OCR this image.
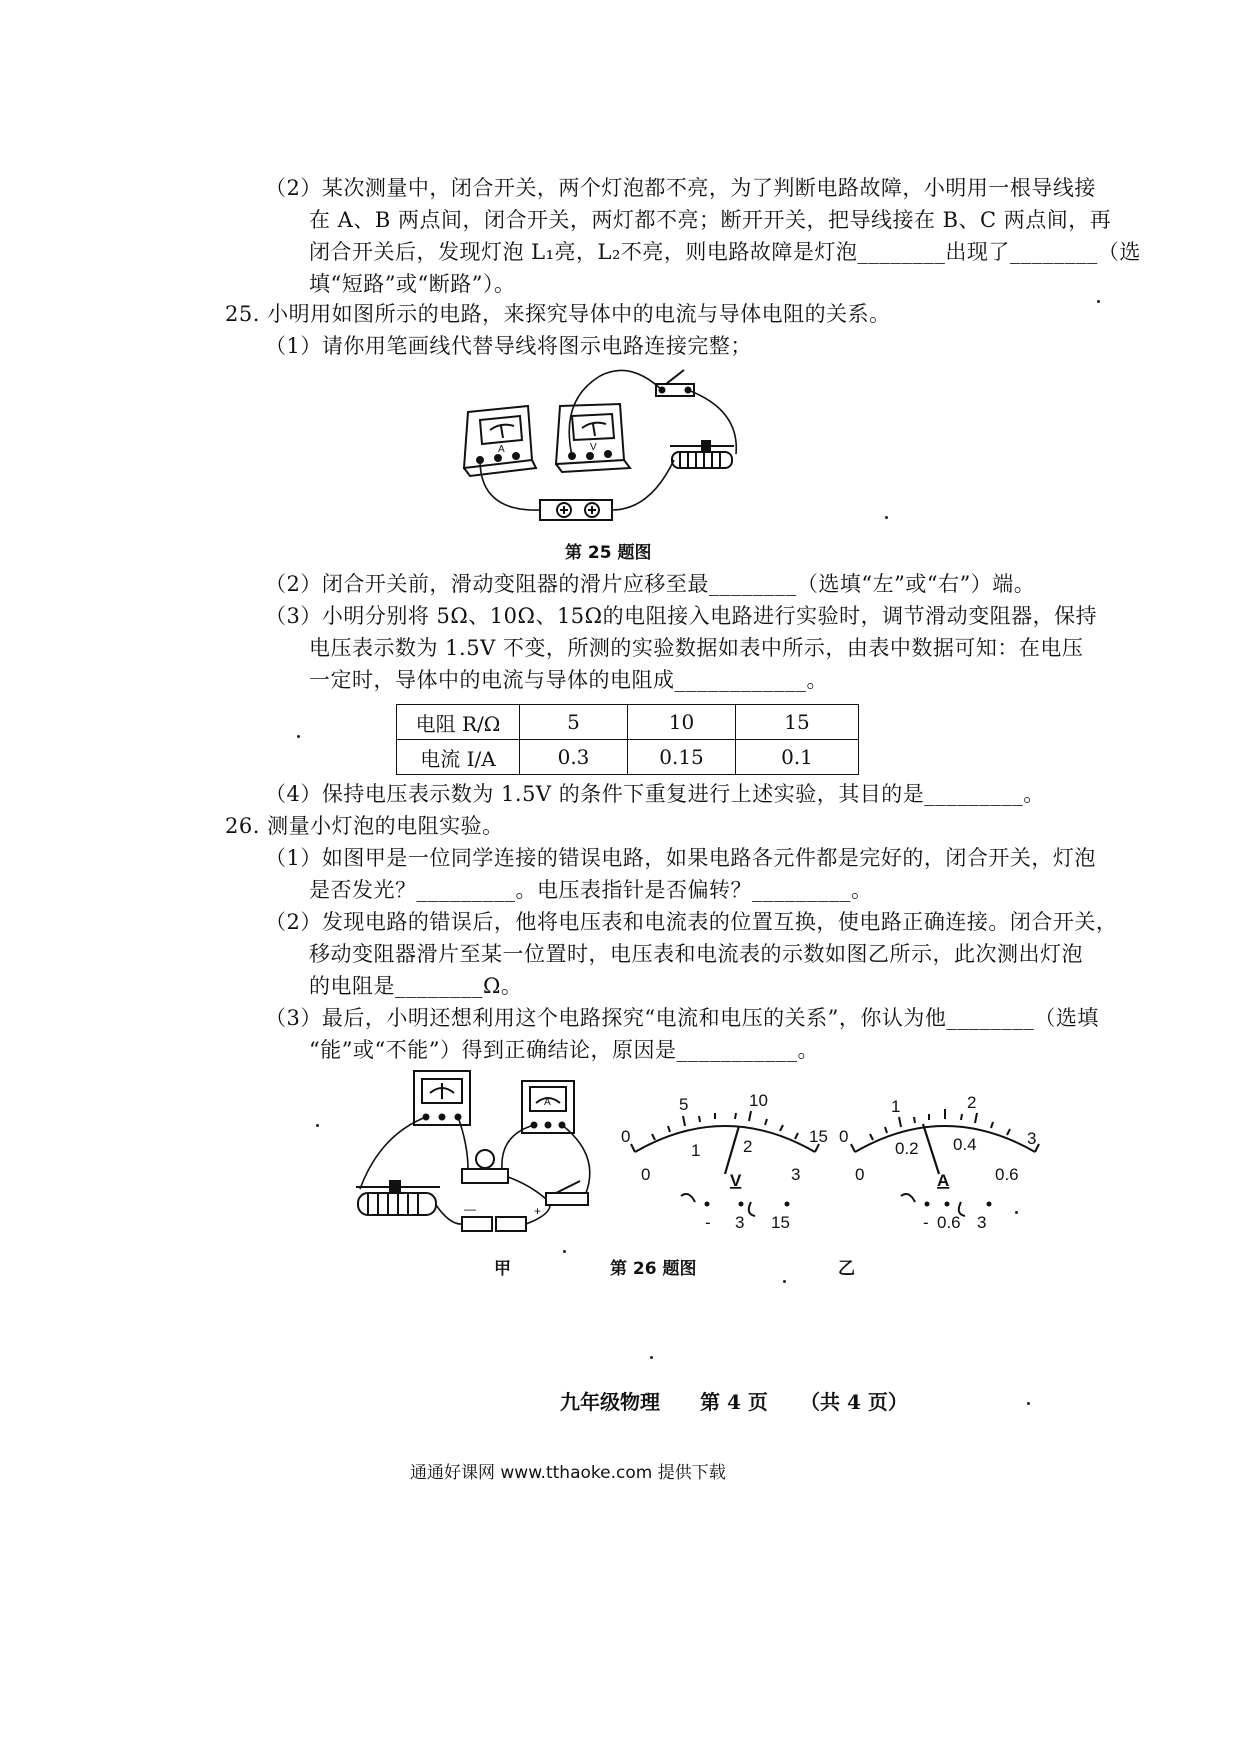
（2）某次测量中，闭合开关，两个灯泡都不亮，为了判断电路故障，小明用一根导线接
在 A、B 两点间，闭合开关，两灯都不亮；断开开关，把导线接在 B、C 两点间，再
闭合开关后，发现灯泡 L₁亮，L₂不亮，则电路故障是灯泡________出现了________（选
填“短路”或“断路”）。
25. 小明用如图所示的电路，来探究导体中的电流与导体电阻的关系。
（1）请你用笔画线代替导线将图示电路连接完整；
A	V
第 25 题图
（2）闭合开关前，滑动变阻器的滑片应移至最________（选填“左”或“右”）端。
（3）小明分别将 5Ω、10Ω、15Ω的电阻接入电路进行实验时，调节滑动变阻器，保持
电压表示数为 1.5V 不变，所测的实验数据如表中所示，由表中数据可知：在电压
一定时，导体中的电流与导体的电阻成____________。
电阻 R/Ω	5	10	15
电流 I/A	0.3	0.15	0.1
（4）保持电压表示数为 1.5V 的条件下重复进行上述实验，其目的是_________。
26. 测量小灯泡的电阻实验。
（1）如图甲是一位同学连接的错误电路，如果电路各元件都是完好的，闭合开关，灯泡
是否发光？_________。电压表指针是否偏转？_________。
（2）发现电路的错误后，他将电压表和电流表的位置互换，使电路正确连接。闭合开关，
移动变阻器滑片至某一位置时，电压表和电流表的示数如图乙所示，此次测出灯泡
的电阻是________Ω。
（3）最后，小明还想利用这个电路探究“电流和电压的关系”，你认为他________（选填
“能”或“不能”）得到正确结论，原因是___________。
A
—	+
0
5	10
15
0
1	2
3
V
- 3 15
0
1	2
3
0
0.2 0.4
0.6
A
- 0.6 3
甲	第 26 题图	乙
九年级物理 第 4 页 （共 4 页）
通通好课网 www.tthaoke.com 提供下载
